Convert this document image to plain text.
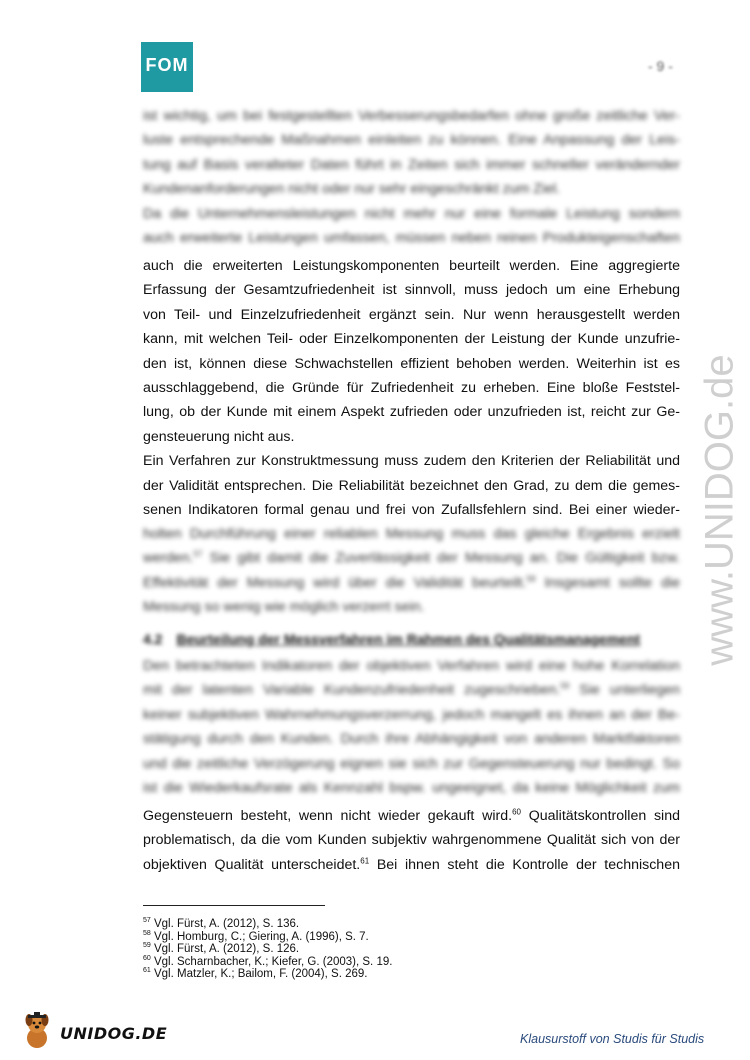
FOM	- 9 -
www.UNIDOG.de
ist wichtig, um bei festgestellten Verbesserungsbedarfen ohne große zeitliche Ver-
luste entsprechende Maßnahmen einleiten zu können. Eine Anpassung der Leis-
tung auf Basis veralteter Daten führt in Zeiten sich immer schneller verändernder
Kundenanforderungen nicht oder nur sehr eingeschränkt zum Ziel.
Da die Unternehmensleistungen nicht mehr nur eine formale Leistung sondern
auch erweiterte Leistungen umfassen, müssen neben reinen Produkteigenschaften
auch die erweiterten Leistungskomponenten beurteilt werden. Eine aggregierte
Erfassung der Gesamtzufriedenheit ist sinnvoll, muss jedoch um eine Erhebung
von Teil- und Einzelzufriedenheit ergänzt sein. Nur wenn herausgestellt werden
kann, mit welchen Teil- oder Einzelkomponenten der Leistung der Kunde unzufrie-
den ist, können diese Schwachstellen effizient behoben werden. Weiterhin ist es
ausschlaggebend, die Gründe für Zufriedenheit zu erheben. Eine bloße Feststel-
lung, ob der Kunde mit einem Aspekt zufrieden oder unzufrieden ist, reicht zur Ge-
gensteuerung nicht aus.
Ein Verfahren zur Konstruktmessung muss zudem den Kriterien der Reliabilität und
der Validität entsprechen. Die Reliabilität bezeichnet den Grad, zu dem die gemes-
senen Indikatoren formal genau und frei von Zufallsfehlern sind. Bei einer wieder-
holten Durchführung einer reliablen Messung muss das gleiche Ergebnis erzielt
werden.$^{57}$ Sie gibt damit die Zuverlässigkeit der Messung an. Die Gültigkeit bzw.
Effektivität der Messung wird über die Validität beurteilt.$^{58}$ Insgesamt sollte die
Messung so wenig wie möglich verzerrt sein.
4.2 Beurteilung der Messverfahren im Rahmen des Qualitätsmanagement
Den betrachteten Indikatoren der objektiven Verfahren wird eine hohe Korrelation
mit der latenten Variable Kundenzufriedenheit zugeschrieben.$^{59}$ Sie unterliegen
keiner subjektiven Wahrnehmungsverzerrung, jedoch mangelt es ihnen an der Be-
stätigung durch den Kunden. Durch ihre Abhängigkeit von anderen Marktfaktoren
und die zeitliche Verzögerung eignen sie sich zur Gegensteuerung nur bedingt. So
ist die Wiederkaufsrate als Kennzahl bspw. ungeeignet, da keine Möglichkeit zum
Gegensteuern besteht, wenn nicht wieder gekauft wird.$^{60}$ Qualitätskontrollen sind
problematisch, da die vom Kunden subjektiv wahrgenommene Qualität sich von der
objektiven Qualität unterscheidet.$^{61}$ Bei ihnen steht die Kontrolle der technischen
$^{57}$ Vgl. Fürst, A. (2012), S. 136.
$^{58}$ Vgl. Homburg, C.; Giering, A. (1996), S. 7.
$^{59}$ Vgl. Fürst, A. (2012), S. 126.
$^{60}$ Vgl. Scharnbacher, K.; Kiefer, G. (2003), S. 19.
$^{61}$ Vgl. Matzler, K.; Bailom, F. (2004), S. 269.
UNIDOG.DE	Klausurstoff von Studis für Studis
